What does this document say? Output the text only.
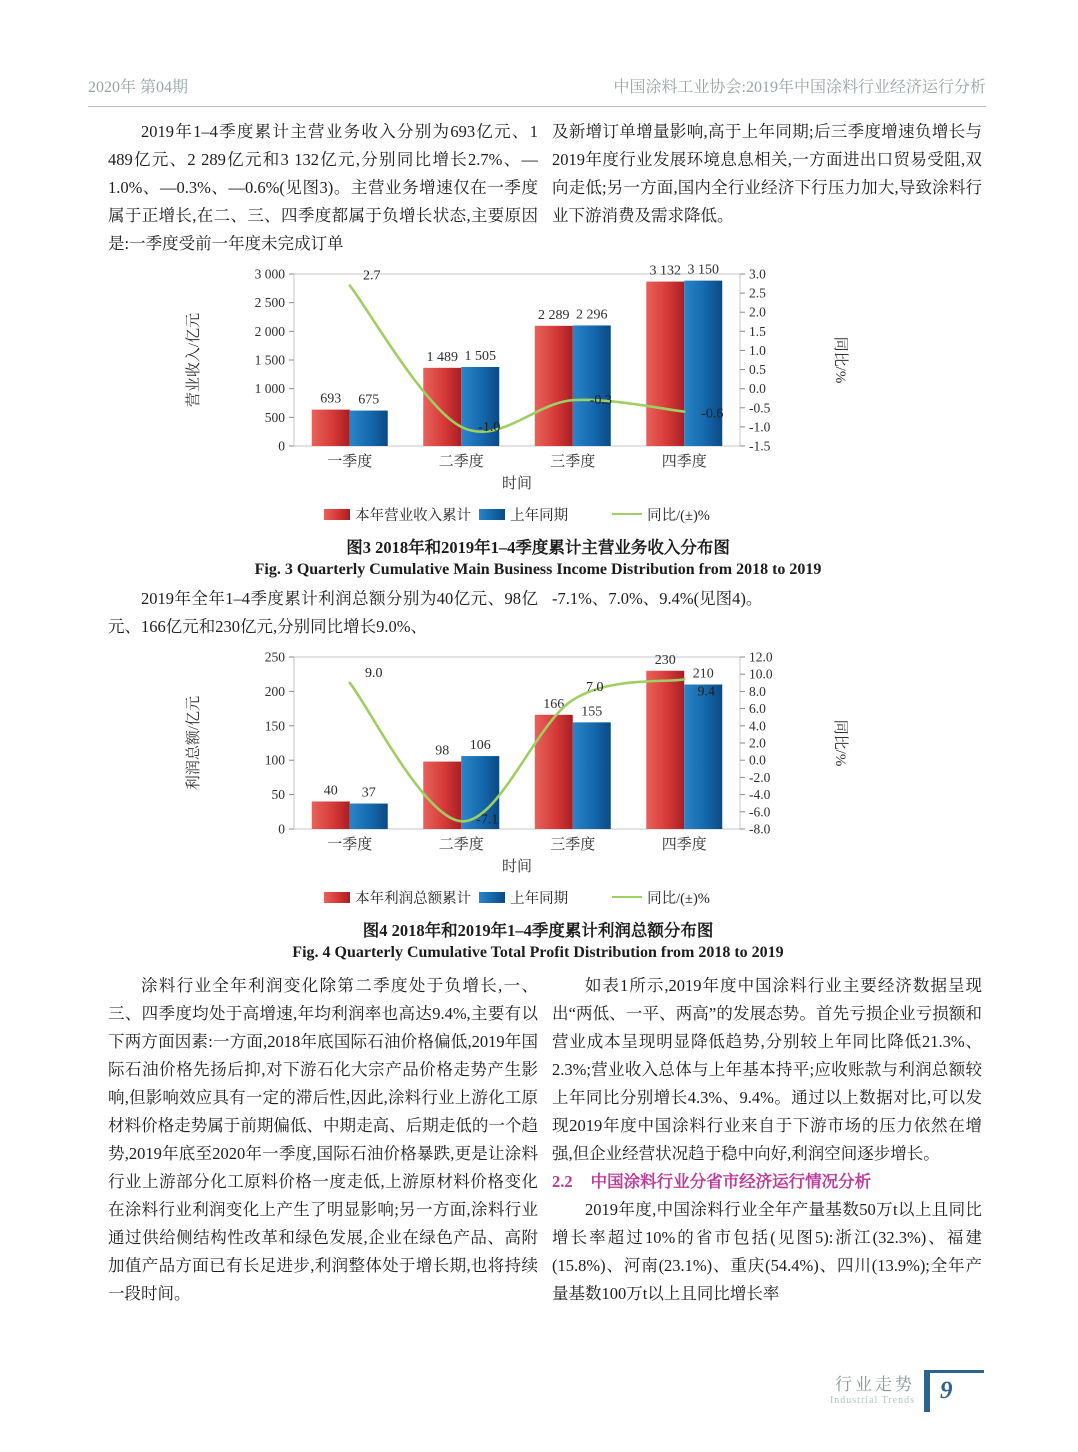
2020年 第04期	中国涂料工业协会:2019年中国涂料行业经济运行分析

2019年1–4季度累计主营业务收入分别为693亿元、1 489亿元、2 289亿元和3 132亿元,分别同比增长2.7%、—1.0%、—0.3%、—0.6%(见图3)。主营业务增速仅在一季度属于正增长,在二、三、四季度都属于负增长状态,主要原因是:一季度受前一年度未完成订单

及新增订单增量影响,高于上年同期;后三季度增速负增长与2019年度行业发展环境息息相关,一方面进出口贸易受阻,双向走低;另一方面,国内全行业经济下行压力加大,导致涂料行业下游消费及需求降低。

3 000
2 500
2 000
1 500
1 000
500
0
3.0
2.5
2.0
1.5
1.0
0.5
0.0
-0.5
-1.0
-1.5
营业收入/亿元	同比/%
一季度	二季度	三季度	四季度
时间
693
1 489
2 289
3 132
675
1 505
2 296
3 150
2.7
-1.0
-0.3
-0.6
本年营业收入累计	上年同期	同比/(±)%
图3 2018年和2019年1–4季度累计主营业务收入分布图
Fig. 3 Quarterly Cumulative Main Business Income Distribution from 2018 to 2019

2019年全年1–4季度累计利润总额分别为40亿元、98亿元、166亿元和230亿元,分别同比增长9.0%、

-7.1%、7.0%、9.4%(见图4)。

250
200
150
100
50
0
12.0
10.0
8.0
6.0
4.0
2.0
0.0
-2.0
-4.0
-6.0
-8.0
利润总额/亿元	同比/%
一季度	二季度	三季度	四季度
时间
40
98
166
230
37
106
155
210
9.0
-7.1
7.0	9.4
本年利润总额累计	上年同期	同比/(±)%
图4 2018年和2019年1–4季度累计利润总额分布图
Fig. 4 Quarterly Cumulative Total Profit Distribution from 2018 to 2019

涂料行业全年利润变化除第二季度处于负增长,一、三、四季度均处于高增速,年均利润率也高达9.4%,主要有以下两方面因素:一方面,2018年底国际石油价格偏低,2019年国际石油价格先扬后抑,对下游石化大宗产品价格走势产生影响,但影响效应具有一定的滞后性,因此,涂料行业上游化工原材料价格走势属于前期偏低、中期走高、后期走低的一个趋势,2019年底至2020年一季度,国际石油价格暴跌,更是让涂料行业上游部分化工原料价格一度走低,上游原材料价格变化在涂料行业利润变化上产生了明显影响;另一方面,涂料行业通过供给侧结构性改革和绿色发展,企业在绿色产品、高附加值产品方面已有长足进步,利润整体处于增长期,也将持续一段时间。

如表1所示,2019年度中国涂料行业主要经济数据呈现出“两低、一平、两高”的发展态势。首先亏损企业亏损额和营业成本呈现明显降低趋势,分别较上年同比降低21.3%、2.3%;营业收入总体与上年基本持平;应收账款与利润总额较上年同比分别增长4.3%、9.4%。通过以上数据对比,可以发现2019年度中国涂料行业来自于下游市场的压力依然在增强,但企业经营状况趋于稳中向好,利润空间逐步增长。

2.2 中国涂料行业分省市经济运行情况分析

2019年度,中国涂料行业全年产量基数50万t以上且同比增长率超过10%的省市包括(见图5):浙江(32.3%)、福建(15.8%)、河南(23.1%)、重庆(54.4%)、四川(13.9%);全年产量基数100万t以上且同比增长率

行业走势
Industrial Trends 9
